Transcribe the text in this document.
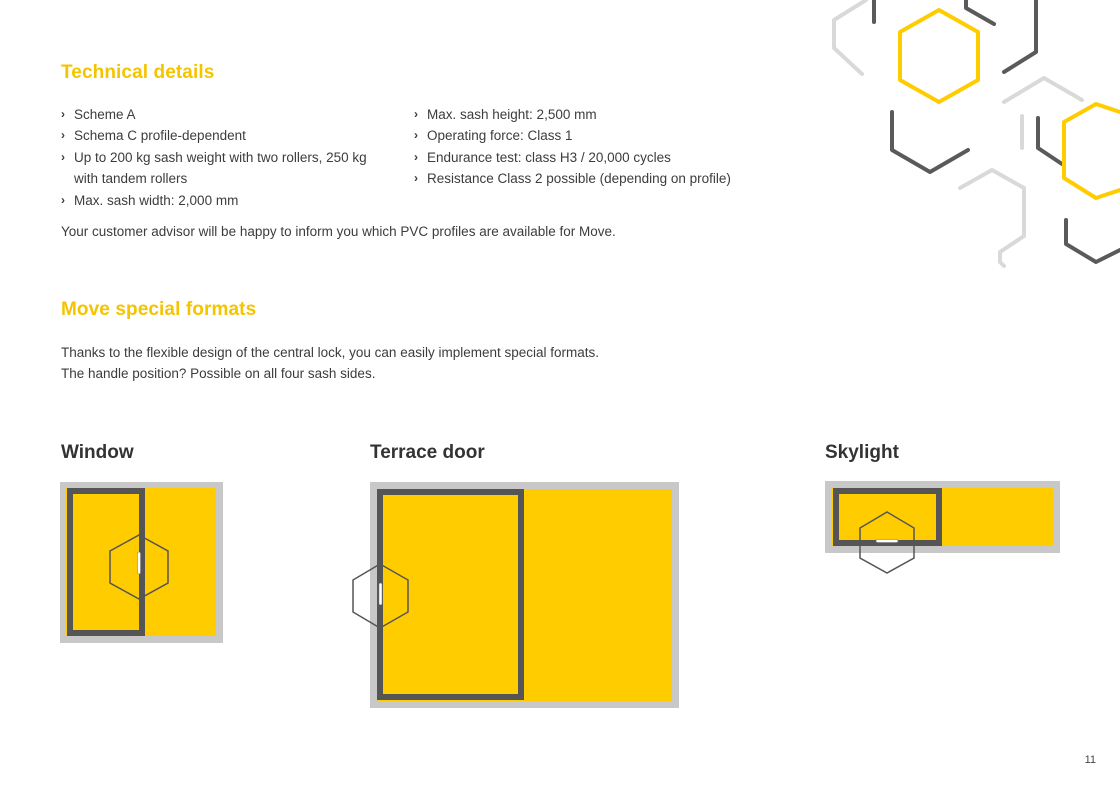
Technical details
› Scheme A
› Schema C profile-dependent
› Up to 200 kg sash weight with two rollers, 250 kg with tandem rollers
› Max. sash width: 2,000 mm
› Max. sash height: 2,500 mm
› Operating force: Class 1
› Endurance test: class H3 / 20,000 cycles
› Resistance Class 2 possible (depending on profile)

Your customer advisor will be happy to inform you which PVC profiles are available for Move.

Move special formats

Thanks to the flexible design of the central lock, you can easily implement special formats.

The handle position? Possible on all four sash sides.

Window	Terrace door	Skylight
11
